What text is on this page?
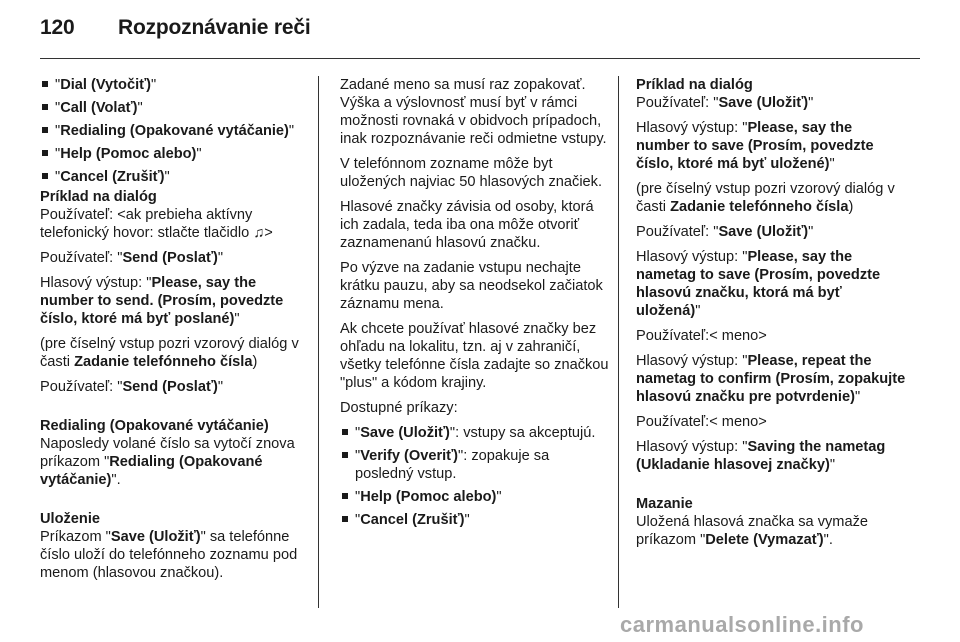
120 Rozpoznávanie reči
"Dial (Vytočiť)"
"Call (Volať)"
"Redialing (Opakované vytáčanie)"
"Help (Pomoc alebo)"
"Cancel (Zrušiť)"
Príklad na dialóg
Používateľ: <ak prebieha aktívny telefonický hovor: stlačte tlačidlo ♫>
Používateľ: "Send (Poslať)"
Hlasový výstup: "Please, say the number to send. (Prosím, povedzte číslo, ktoré má byť poslané)"
(pre číselný vstup pozri vzorový dialóg v časti Zadanie telefónneho čísla)
Používateľ: "Send (Poslať)"
Redialing (Opakované vytáčanie)
Naposledy volané číslo sa vytočí znova príkazom "Redialing (Opakované vytáčanie)".
Uloženie
Príkazom "Save (Uložiť)" sa telefónne číslo uloží do telefónneho zoznamu pod menom (hlasovou značkou).
Zadané meno sa musí raz zopakovať. Výška a výslovnosť musí byť v rámci možnosti rovnaká v obidvoch prípadoch, inak rozpoznávanie reči odmietne vstupy.
V telefónnom zozname môže byt uložených najviac 50 hlasových značiek.
Hlasové značky závisia od osoby, ktorá ich zadala, teda iba ona môže otvoriť zaznamenanú hlasovú značku.
Po výzve na zadanie vstupu nechajte krátku pauzu, aby sa neodsekol začiatok záznamu mena.
Ak chcete používať hlasové značky bez ohľadu na lokalitu, tzn. aj v zahraničí, všetky telefónne čísla zadajte so značkou "plus" a kódom krajiny.
Dostupné príkazy:
"Save (Uložiť)": vstupy sa akceptujú.
"Verify (Overiť)": zopakuje sa posledný vstup.
"Help (Pomoc alebo)"
"Cancel (Zrušiť)"
Príklad na dialóg
Používateľ: "Save (Uložiť)"
Hlasový výstup: "Please, say the number to save (Prosím, povedzte číslo, ktoré má byť uložené)"
(pre číselný vstup pozri vzorový dialóg v časti Zadanie telefónneho čísla)
Používateľ: "Save (Uložiť)"
Hlasový výstup: "Please, say the nametag to save (Prosím, povedzte hlasovú značku, ktorá má byť uložená)"
Používateľ:< meno>
Hlasový výstup: "Please, repeat the nametag to confirm (Prosím, zopakujte hlasovú značku pre potvrdenie)"
Používateľ:< meno>
Hlasový výstup: "Saving the nametag (Ukladanie hlasovej značky)"
Mazanie
Uložená hlasová značka sa vymaže príkazom "Delete (Vymazať)".
carmanualsonline.info
